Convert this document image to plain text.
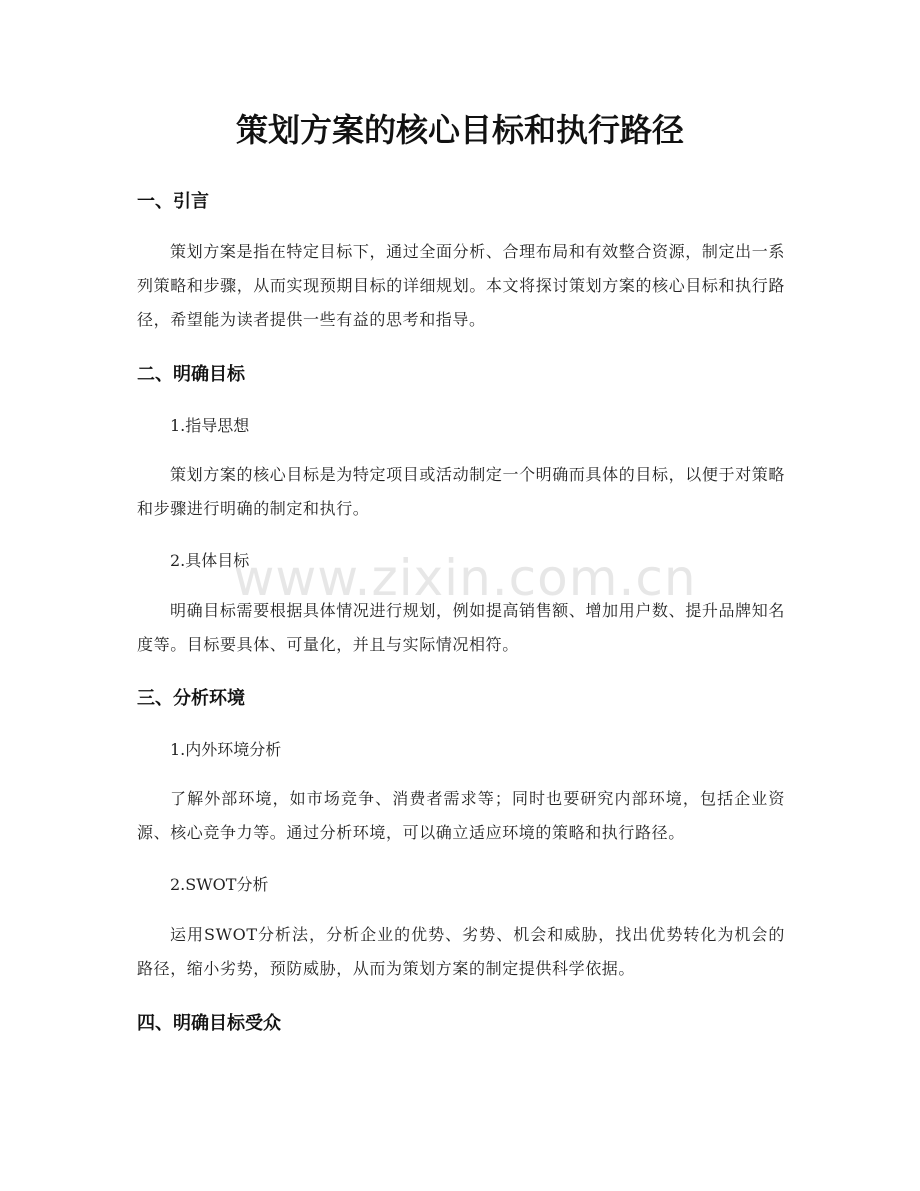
策划方案的核心目标和执行路径
一、引言

策划方案是指在特定目标下，通过全面分析、合理布局和有效整合资源，制定出一系列策略和步骤，从而实现预期目标的详细规划。本文将探讨策划方案的核心目标和执行路径，希望能为读者提供一些有益的思考和指导。

二、明确目标

1.指导思想

策划方案的核心目标是为特定项目或活动制定一个明确而具体的目标，以便于对策略和步骤进行明确的制定和执行。

2.具体目标

明确目标需要根据具体情况进行规划，例如提高销售额、增加用户数、提升品牌知名度等。目标要具体、可量化，并且与实际情况相符。

三、分析环境

1.内外环境分析

了解外部环境，如市场竞争、消费者需求等；同时也要研究内部环境，包括企业资源、核心竞争力等。通过分析环境，可以确立适应环境的策略和执行路径。

2.SWOT分析

运用SWOT分析法，分析企业的优势、劣势、机会和威胁，找出优势转化为机会的路径，缩小劣势，预防威胁，从而为策划方案的制定提供科学依据。

四、明确目标受众
www.zixin.com.cn
